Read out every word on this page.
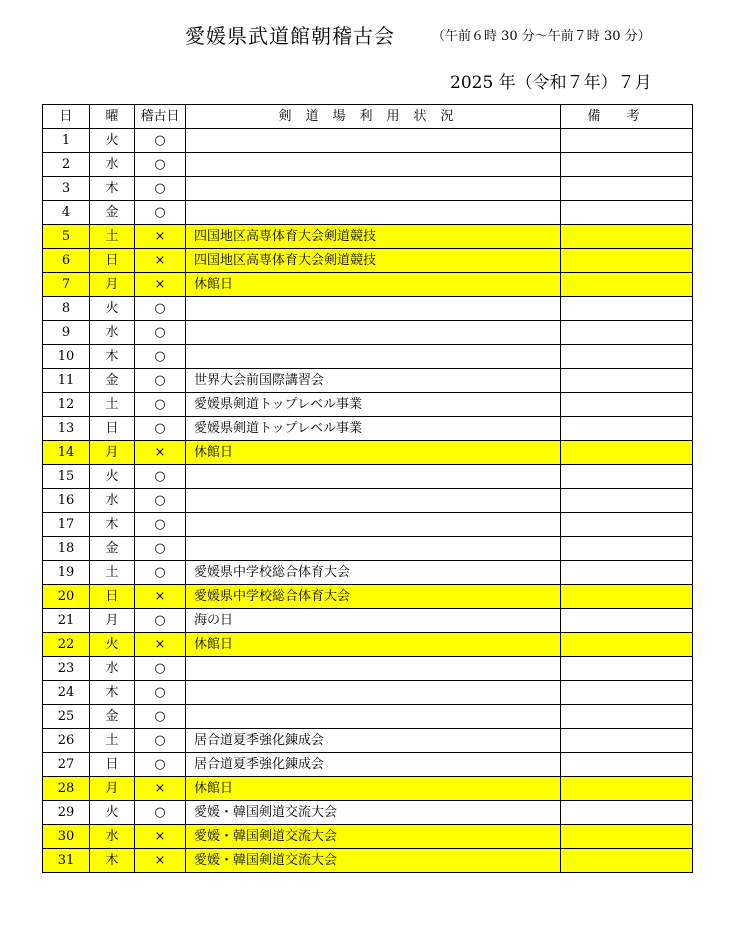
愛媛県武道館朝稽古会	（午前６時 30 分～午前７時 30 分）
2025 年（令和７年）７月
日	曜	稽古日	剣道場利用状況	備考
1	火	○		
2	水	○		
3	木	○		
4	金	○		
5	土	×	四国地区高専体育大会剣道競技	
6	日	×	四国地区高専体育大会剣道競技	
7	月	×	休館日	
8	火	○		
9	水	○		
10	木	○		
11	金	○	世界大会前国際講習会	
12	土	○	愛媛県剣道トップレベル事業	
13	日	○	愛媛県剣道トップレベル事業	
14	月	×	休館日	
15	火	○		
16	水	○		
17	木	○		
18	金	○		
19	土	○	愛媛県中学校総合体育大会	
20	日	×	愛媛県中学校総合体育大会	
21	月	○	海の日	
22	火	×	休館日	
23	水	○		
24	木	○		
25	金	○		
26	土	○	居合道夏季強化錬成会	
27	日	○	居合道夏季強化錬成会	
28	月	×	休館日	
29	火	○	愛媛・韓国剣道交流大会	
30	水	×	愛媛・韓国剣道交流大会	
31	木	×	愛媛・韓国剣道交流大会	
